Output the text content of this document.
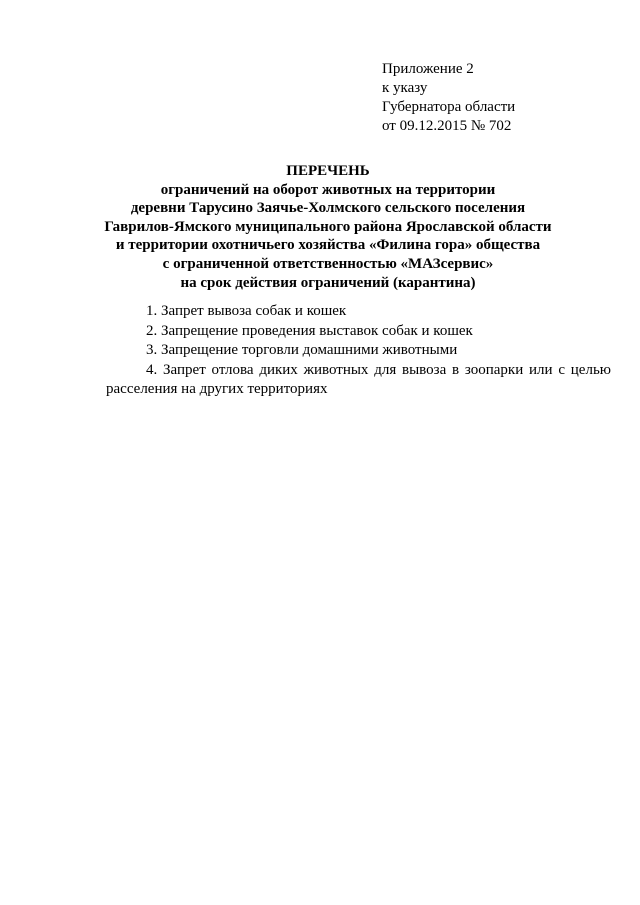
Приложение 2
к указу
Губернатора области
от 09.12.2015 № 702
ПЕРЕЧЕНЬ
ограничений на оборот животных на территории
деревни Тарусино Заячье-Холмского сельского поселения
Гаврилов-Ямского муниципального района Ярославской области
и территории охотничьего хозяйства «Филина гора» общества
с ограниченной ответственностью «МАЗсервис»
на срок действия ограничений (карантина)
1. Запрет вывоза собак и кошек
2. Запрещение проведения выставок собак и кошек
3. Запрещение торговли домашними животными
4. Запрет отлова диких животных для вывоза в зоопарки или с целью
расселения на других территориях
